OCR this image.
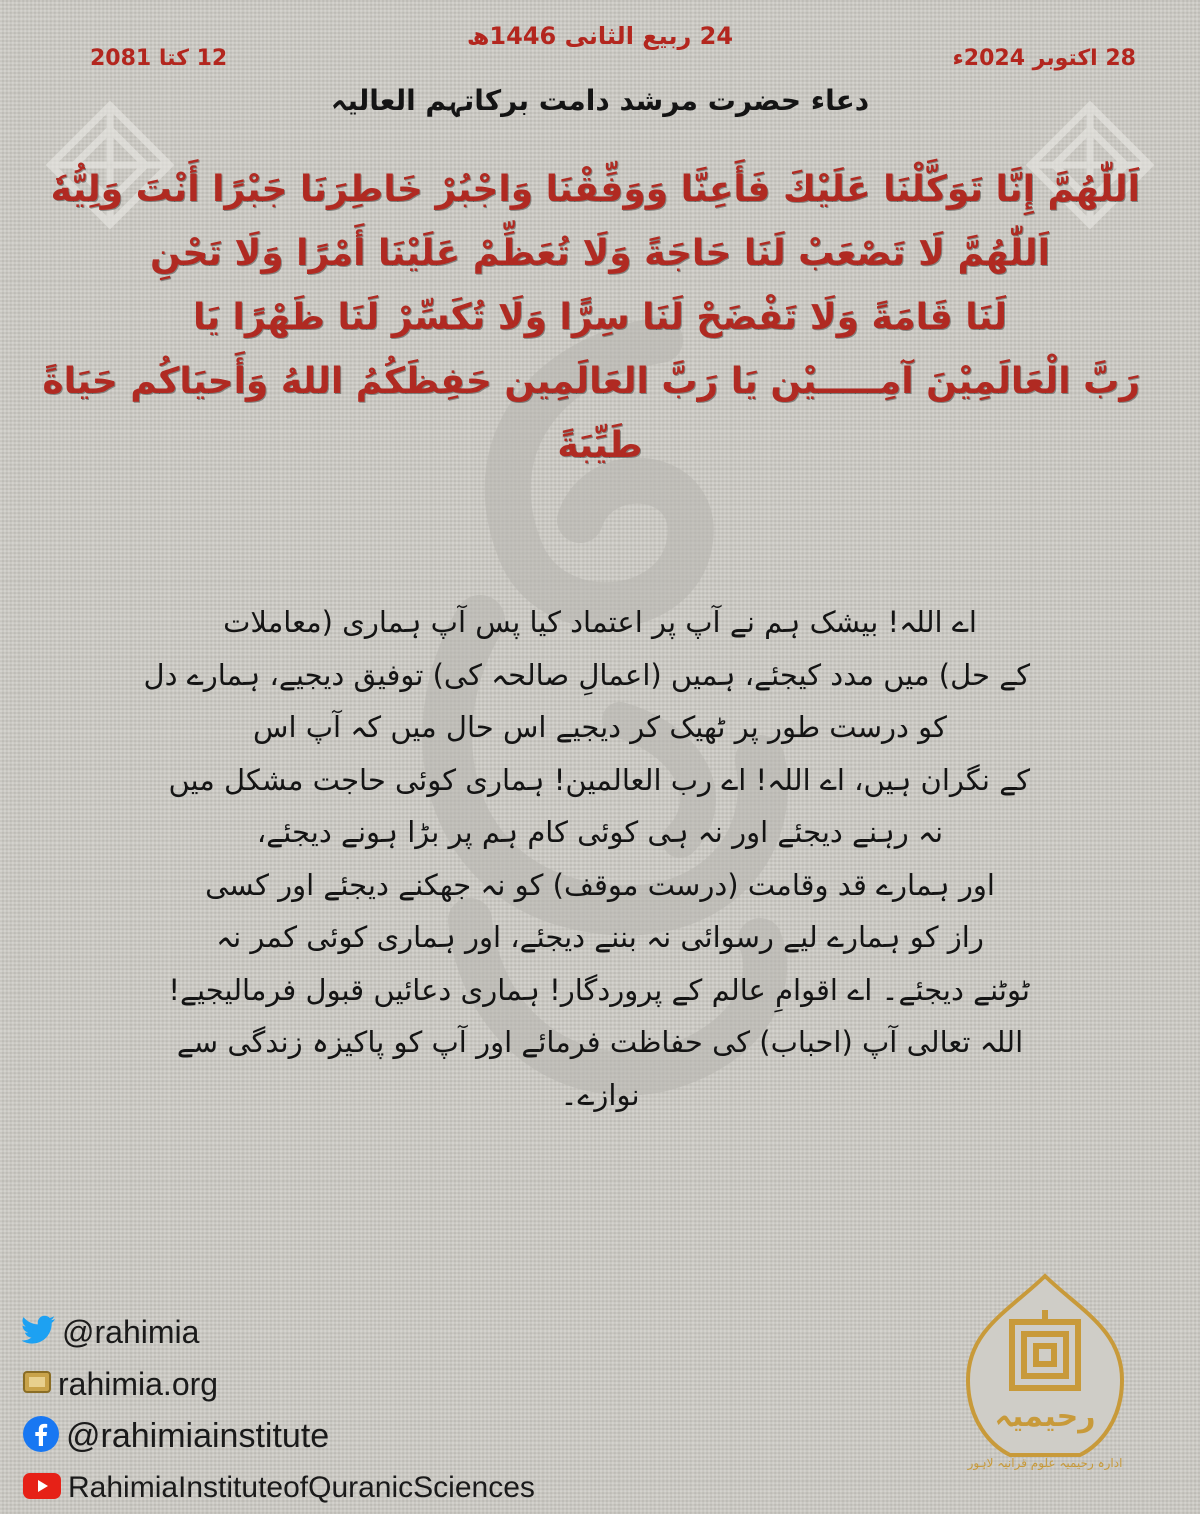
24 ربیع الثانی 1446ھ
12 کتا 2081	28 اکتوبر 2024ء
دعاء حضرت مرشد دامت برکاتہم العالیہ
اَللّٰهُمَّ إِنَّا تَوَكَّلْنَا عَلَيْكَ فَأَعِنَّا وَوَفِّقْنَا وَاجْبُرْ خَاطِرَنَا جَبْرًا أَنْتَ وَلِيُّهٗ
اَللّٰهُمَّ لَا تَصْعَبْ لَنَا حَاجَةً وَلَا تُعَظِّمْ عَلَيْنَا أَمْرًا وَلَا تَحْنِ
لَنَا قَامَةً وَلَا تَفْضَحْ لَنَا سِرًّا وَلَا تُكَسِّرْ لَنَا ظَهْرًا يَا
رَبَّ الْعَالَمِيْنَ آمِـــــيْن يَا رَبَّ العَالَمِين حَفِظَكُمُ اللهُ وَأَحيَاكُم حَيَاةً
طَيِّبَةً
اے اللہ! بیشک ہم نے آپ پر اعتماد کیا پس آپ ہماری (معاملات
کے حل) میں مدد کیجئے، ہمیں (اعمالِ صالحہ کی) توفیق دیجیے، ہمارے دل
کو درست طور پر ٹھیک کر دیجیے اس حال میں کہ آپ اس
کے نگران ہیں، اے اللہ! اے رب العالمین! ہماری کوئی حاجت مشکل میں
نہ رہنے دیجئے اور نہ ہی کوئی کام ہم پر بڑا ہونے دیجئے،
اور ہمارے قد وقامت (درست موقف) کو نہ جھکنے دیجئے اور کسی
راز کو ہمارے لیے رسوائی نہ بننے دیجئے، اور ہماری کوئی کمر نہ
ٹوٹنے دیجئے۔ اے اقوامِ عالم کے پروردگار! ہماری دعائیں قبول فرمالیجیے!
اللہ تعالی آپ (احباب) کی حفاظت فرمائے اور آپ کو پاکیزہ زندگی سے
نوازے۔
@rahimia
rahimia.org
@rahimiainstitute
RahimiaInstituteofQuranicSciences
رحیمیہ
ادارہ رحیمیہ علوم قرآنیہ لاہور
